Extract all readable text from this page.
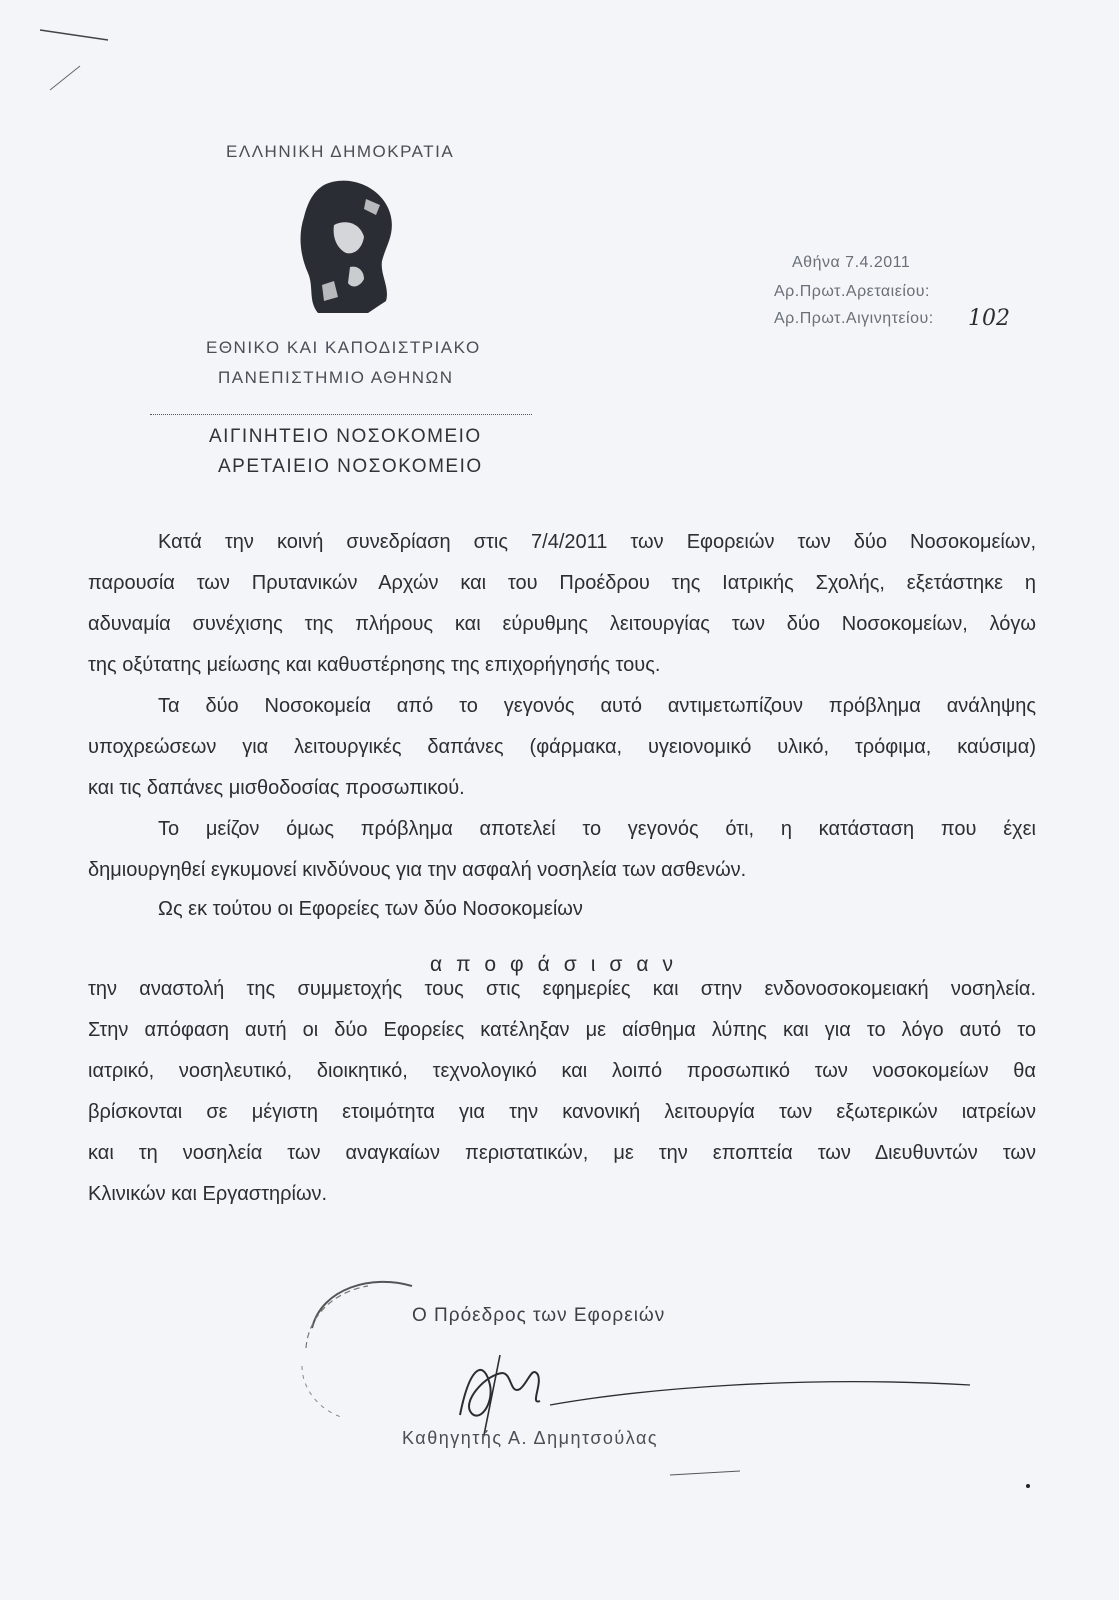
ΕΛΛΗΝΙΚΗ ΔΗΜΟΚΡΑΤΙΑ
ΕΘΝΙΚΟ ΚΑΙ ΚΑΠΟΔΙΣΤΡΙΑΚΟ
ΠΑΝΕΠΙΣΤΗΜΙΟ ΑΘΗΝΩΝ
ΑΙΓΙΝΗΤΕΙΟ ΝΟΣΟΚΟΜΕΙΟ
ΑΡΕΤΑΙΕΙΟ ΝΟΣΟΚΟΜΕΙΟ
Αθήνα 7.4.2011
Αρ.Πρωτ.Αρεταιείου:
Αρ.Πρωτ.Αιγινητείου: 102
Κατά την κοινή συνεδρίαση στις 7/4/2011 των Εφορειών των δύο Νοσοκομείων,
παρουσία των Πρυτανικών Αρχών και του Προέδρου της Ιατρικής Σχολής, εξετάστηκε η
αδυναμία συνέχισης της πλήρους και εύρυθμης λειτουργίας των δύο Νοσοκομείων, λόγω
της οξύτατης μείωσης και καθυστέρησης της επιχορήγησής τους.
Τα δύο Νοσοκομεία από το γεγονός αυτό αντιμετωπίζουν πρόβλημα ανάληψης
υποχρεώσεων για λειτουργικές δαπάνες (φάρμακα, υγειονομικό υλικό, τρόφιμα, καύσιμα)
και τις δαπάνες μισθοδοσίας προσωπικού.
Το μείζον όμως πρόβλημα αποτελεί το γεγονός ότι, η κατάσταση που έχει
δημιουργηθεί εγκυμονεί κινδύνους για την ασφαλή νοσηλεία των ασθενών.
Ως εκ τούτου οι Εφορείες των δύο Νοσοκομείων
αποφάσισαν
την αναστολή της συμμετοχής τους στις εφημερίες και στην ενδονοσοκομειακή νοσηλεία.
Στην απόφαση αυτή οι δύο Εφορείες κατέληξαν με αίσθημα λύπης και για το λόγο αυτό το
ιατρικό, νοσηλευτικό, διοικητικό, τεχνολογικό και λοιπό προσωπικό των νοσοκομείων θα
βρίσκονται σε μέγιστη ετοιμότητα για την κανονική λειτουργία των εξωτερικών ιατρείων
και τη νοσηλεία των αναγκαίων περιστατικών, με την εποπτεία των Διευθυντών των
Κλινικών και Εργαστηρίων.
Ο Πρόεδρος των Εφορειών
Καθηγητής Α. Δημητσούλας
